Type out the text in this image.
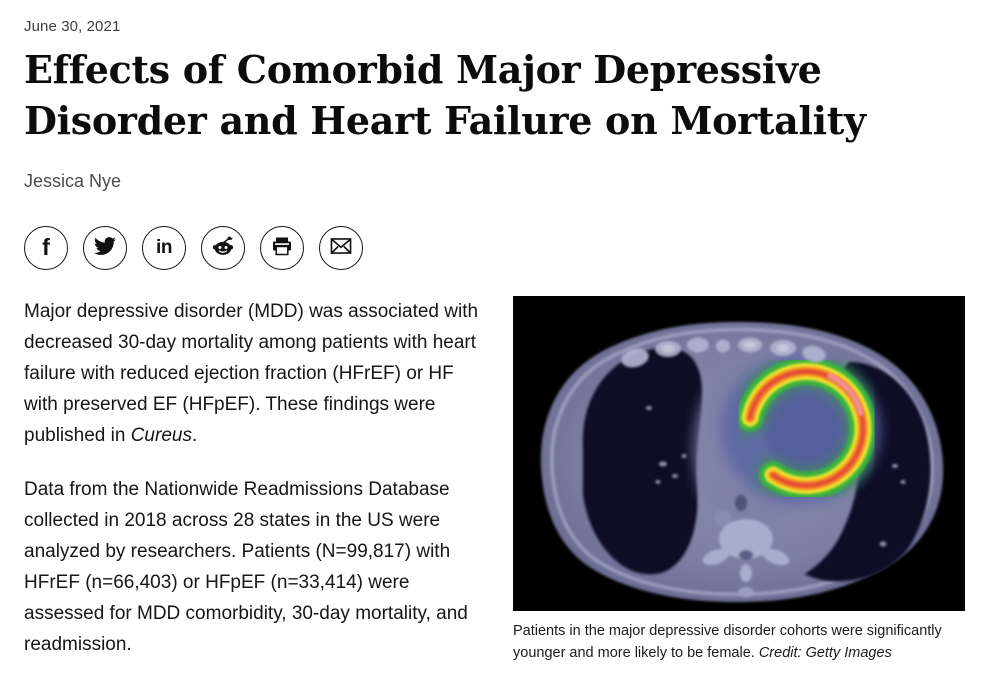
June 30, 2021
Effects of Comorbid Major Depressive Disorder and Heart Failure on Mortality
Jessica Nye
f	in

Major depressive disorder (MDD) was associated with decreased 30-day mortality among patients with heart failure with reduced ejection fraction (HFrEF) or HF with preserved EF (HFpEF). These findings were published in Cureus.

Data from the Nationwide Readmissions Database collected in 2018 across 28 states in the US were analyzed by researchers. Patients (N=99,817) with HFrEF (n=66,403) or HFpEF (n=33,414) were assessed for MDD comorbidity, 30-day mortality, and readmission.

Patients in the major depressive disorder cohorts were significantly younger and more likely to be female. Credit: Getty Images
